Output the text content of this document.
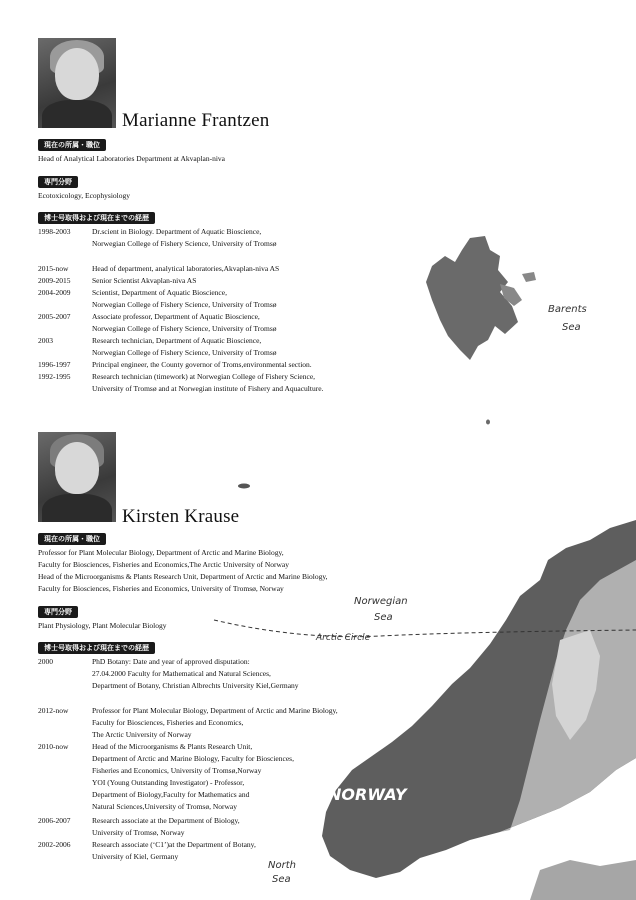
Barents
Sea
Norwegian
Sea
Arctic Circle
NORWAY
North
Sea
Marianne Frantzen
現在の所属・職位
Head of Analytical Laboratories Department at Akvaplan-niva
専門分野
Ecotoxicology, Ecophysiology
博士号取得および現在までの経歴
1998-2003	Dr.scient in Biology. Department of Aquatic Bioscience,
Norwegian College of Fishery Science, University of Tromsø
2015-now	Head of department, analytical laboratories,Akvaplan-niva AS
2009-2015	Senior Scientist Akvaplan-niva AS
2004-2009	Scientist, Department of Aquatic Bioscience,
Norwegian College of Fishery Science, University of Tromsø
2005-2007	Associate professor, Department of Aquatic Bioscience,
Norwegian College of Fishery Science, University of Tromsø
2003	Research technician, Department of Aquatic Bioscience,
Norwegian College of Fishery Science, University of Tromsø
1996-1997	Principal engineer, the County governor of Troms,environmental section.
1992-1995	Research technician (timework) at Norwegian College of Fishery Science,
University of Tromsø and at Norwegian institute of Fishery and Aquaculture.
Kirsten Krause
現在の所属・職位
Professor for Plant Molecular Biology, Department of Arctic and Marine Biology,
Faculty for Biosciences, Fisheries and Economics,The Arctic University of Norway
Head of the Microorganisms & Plants Research Unit, Department of Arctic and Marine Biology,
Faculty for Biosciences, Fisheries and Economics, University of Tromsø, Norway
専門分野
Plant Physiology, Plant Molecular Biology
博士号取得および現在までの経歴
2000	PhD Botany: Date and year of approved disputation:
27.04.2000 Faculty for Mathematical and Natural Sciences,
Department of Botany, Christian Albrechts University Kiel,Germany
2012-now	Professor for Plant Molecular Biology, Department of Arctic and Marine Biology,
Faculty for Biosciences, Fisheries and Economics,
The Arctic University of Norway
2010-now	Head of the Microorganisms & Plants Research Unit,
Department of Arctic and Marine Biology, Faculty for Biosciences,
Fisheries and Economics, University of Tromsø,Norway
YOI (Young Outstanding Investigator) - Professor,
Department of Biology,Faculty for Mathematics and
Natural Sciences,University of Tromsø, Norway
2006-2007	Research associate at the Department of Biology,
University of Tromsø, Norway
2002-2006	Research associate (‘C1’)at the Department of Botany,
University of Kiel, Germany
